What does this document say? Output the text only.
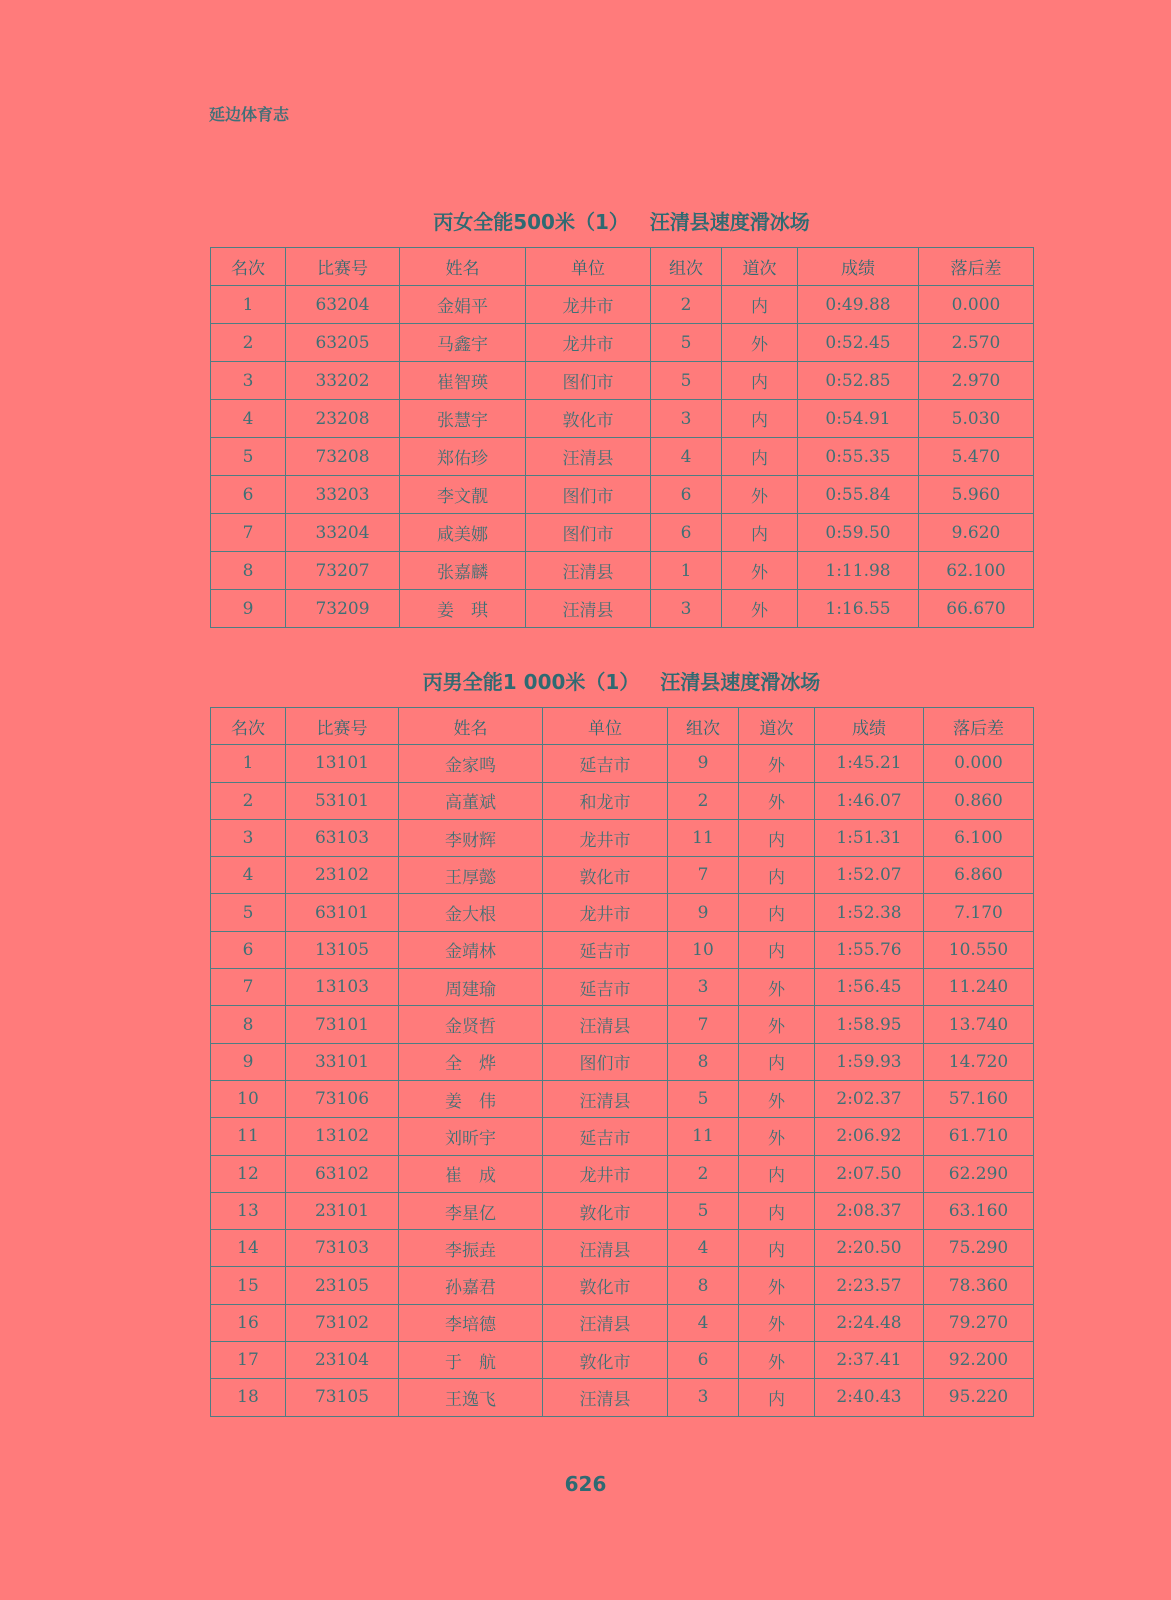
延边体育志
丙女全能500米（1）   汪清县速度滑冰场
名次	比赛号	姓名	单位	组次	道次	成绩	落后差
1	63204	金娟平	龙井市	2	内	0:49.88	0.000
2	63205	马鑫宇	龙井市	5	外	0:52.45	2.570
3	33202	崔智瑛	图们市	5	内	0:52.85	2.970
4	23208	张慧宇	敦化市	3	内	0:54.91	5.030
5	73208	郑佑珍	汪清县	4	内	0:55.35	5.470
6	33203	李文靓	图们市	6	外	0:55.84	5.960
7	33204	咸美娜	图们市	6	内	0:59.50	9.620
8	73207	张嘉麟	汪清县	1	外	1:11.98	62.100
9	73209	姜　琪	汪清县	3	外	1:16.55	66.670
丙男全能1 000米（1）   汪清县速度滑冰场
名次	比赛号	姓名	单位	组次	道次	成绩	落后差
1	13101	金家鸣	延吉市	9	外	1:45.21	0.000
2	53101	高董斌	和龙市	2	外	1:46.07	0.860
3	63103	李财辉	龙井市	11	内	1:51.31	6.100
4	23102	王厚懿	敦化市	7	内	1:52.07	6.860
5	63101	金大根	龙井市	9	内	1:52.38	7.170
6	13105	金靖林	延吉市	10	内	1:55.76	10.550
7	13103	周建瑜	延吉市	3	外	1:56.45	11.240
8	73101	金贤哲	汪清县	7	外	1:58.95	13.740
9	33101	全　烨	图们市	8	内	1:59.93	14.720
10	73106	姜　伟	汪清县	5	外	2:02.37	57.160
11	13102	刘昕宇	延吉市	11	外	2:06.92	61.710
12	63102	崔　成	龙井市	2	内	2:07.50	62.290
13	23101	李星亿	敦化市	5	内	2:08.37	63.160
14	73103	李振垚	汪清县	4	内	2:20.50	75.290
15	23105	孙嘉君	敦化市	8	外	2:23.57	78.360
16	73102	李培德	汪清县	4	外	2:24.48	79.270
17	23104	于　航	敦化市	6	外	2:37.41	92.200
18	73105	王逸飞	汪清县	3	内	2:40.43	95.220
626
